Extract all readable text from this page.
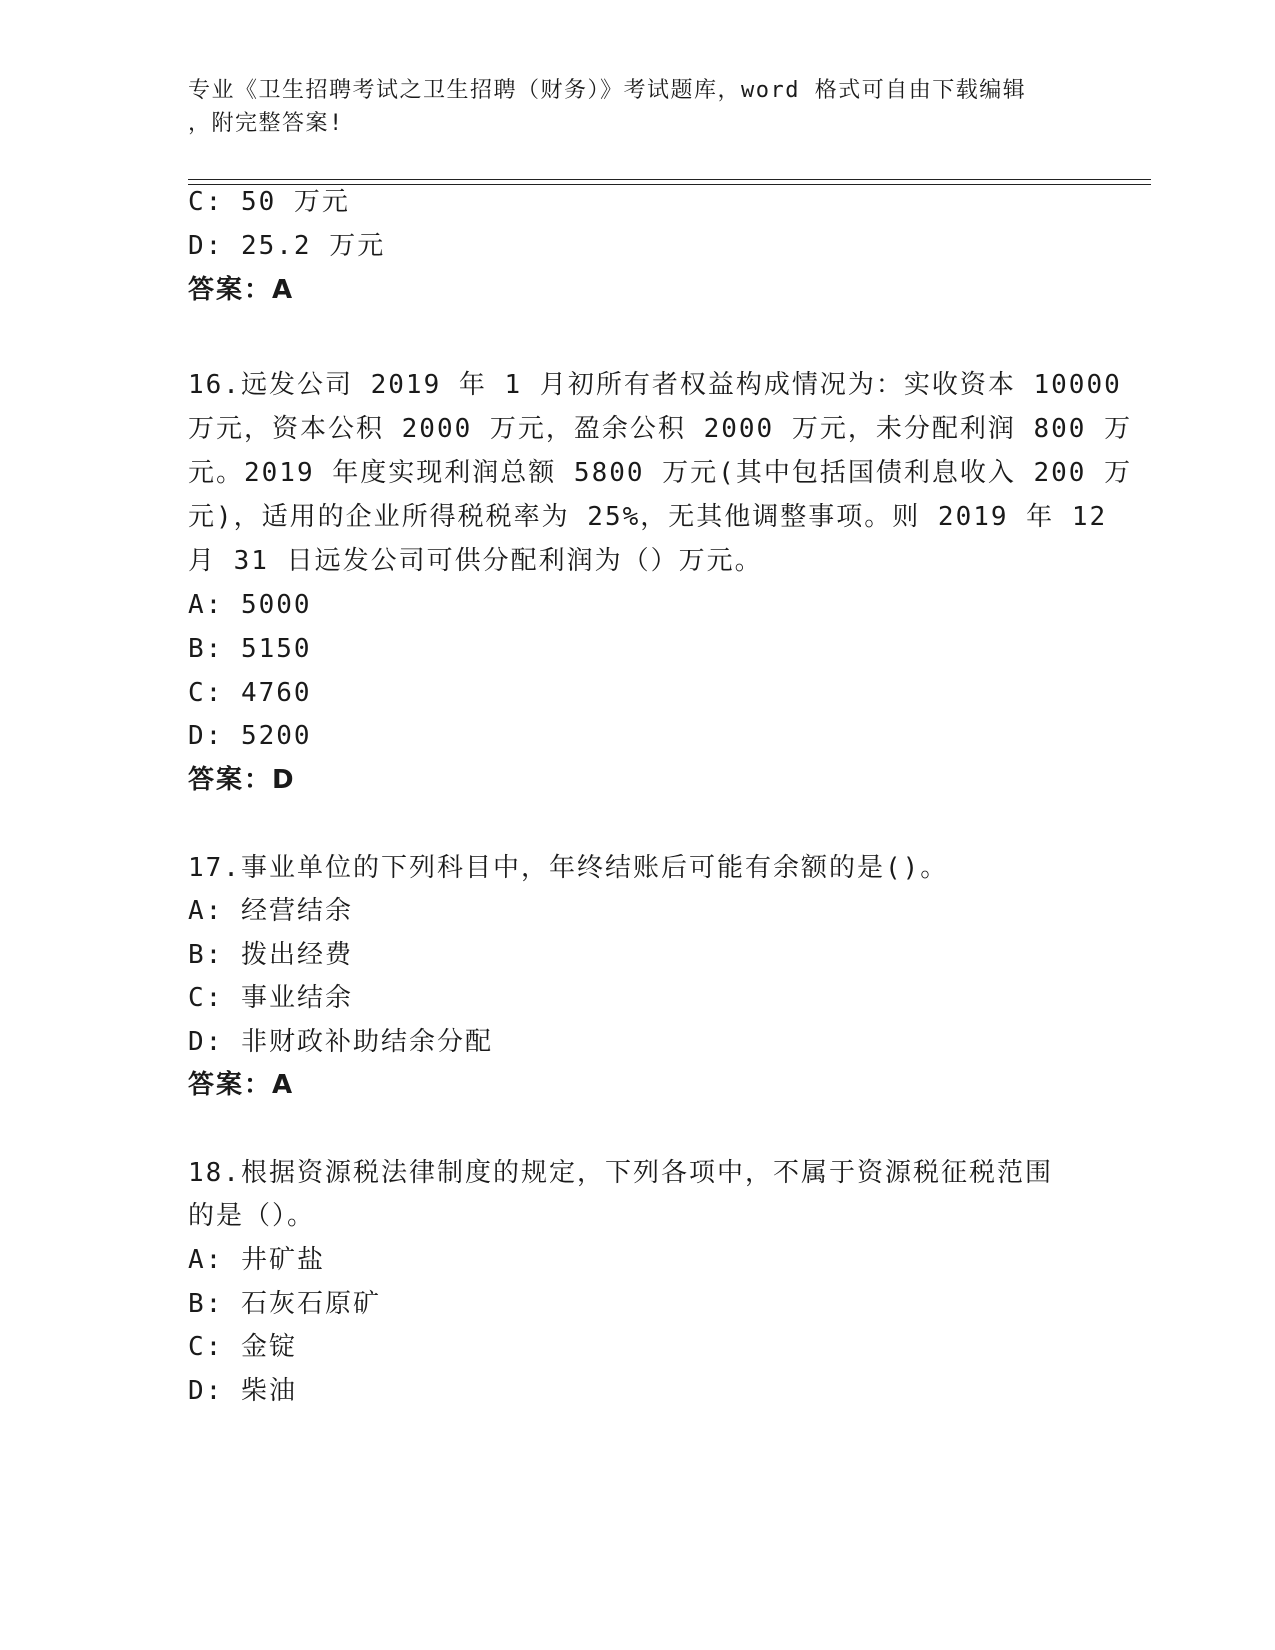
专业《卫生招聘考试之卫生招聘（财务）》考试题库，word 格式可自由下载编辑
，附完整答案!
C: 50 万元
D: 25.2 万元
答案：A
16.远发公司 2019 年 1 月初所有者权益构成情况为：实收资本 10000
万元，资本公积 2000 万元，盈余公积 2000 万元，未分配利润 800 万
元。2019 年度实现利润总额 5800 万元(其中包括国债利息收入 200 万
元)，适用的企业所得税税率为 25%，无其他调整事项。则 2019 年 12
月 31 日远发公司可供分配利润为（）万元。
A: 5000
B: 5150
C: 4760
D: 5200
答案：D
17.事业单位的下列科目中，年终结账后可能有余额的是()。
A: 经营结余
B: 拨出经费
C: 事业结余
D: 非财政补助结余分配
答案：A
18.根据资源税法律制度的规定，下列各项中，不属于资源税征税范围
的是（）。
A: 井矿盐
B: 石灰石原矿
C: 金锭
D: 柴油
